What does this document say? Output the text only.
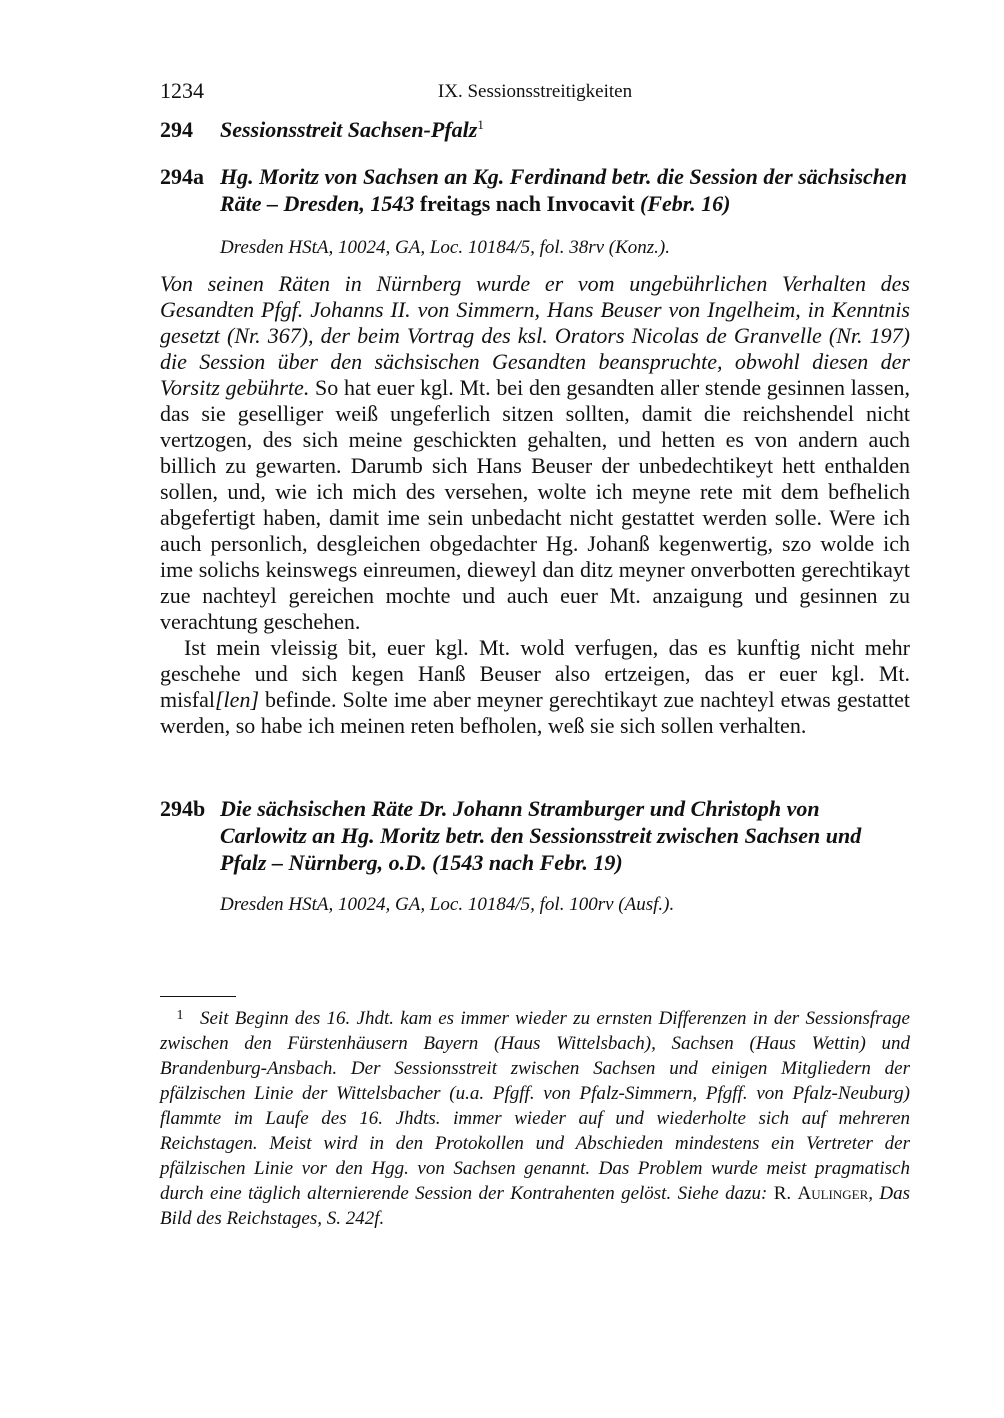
1234	IX. Sessionsstreitigkeiten
294	Sessionsstreit Sachsen-Pfalz$^1$
294a Hg. Moritz von Sachsen an Kg. Ferdinand betr. die Session der sächsischen Räte – Dresden, 1543 freitags nach Invocavit (Febr. 16)
Dresden HStA, 10024, GA, Loc. 10184/5, fol. 38rv (Konz.).

Von seinen Räten in Nürnberg wurde er vom ungebührlichen Verhalten des Gesandten Pfgf. Johanns II. von Simmern, Hans Beuser von Ingelheim, in Kenntnis gesetzt (Nr. 367), der beim Vortrag des ksl. Orators Nicolas de Granvelle (Nr. 197) die Session über den sächsischen Gesandten beanspruchte, obwohl diesen der Vorsitz gebührte. So hat euer kgl. Mt. bei den gesandten aller stende gesinnen lassen, das sie geselliger weiß ungeferlich sitzen sollten, damit die reichshendel nicht vertzogen, des sich meine geschickten gehalten, und hetten es von andern auch billich zu gewarten. Darumb sich Hans Beuser der unbedechtikeyt hett enthalden sollen, und, wie ich mich des versehen, wolte ich meyne rete mit dem befhelich abgefertigt haben, damit ime sein unbedacht nicht gestattet werden solle. Were ich auch personlich, desgleichen obgedachter Hg. Johanß kegenwertig, szo wolde ich ime solichs keinswegs einreumen, dieweyl dan ditz meyner onverbotten gerechtikayt zue nachteyl gereichen mochte und auch euer Mt. anzaigung und gesinnen zu verachtung geschehen.

Ist mein vleissig bit, euer kgl. Mt. wold verfugen, das es kunftig nicht mehr geschehe und sich kegen Hanß Beuser also ertzeigen, das er euer kgl. Mt. misfal[len] befinde. Solte ime aber meyner gerechtikayt zue nachteyl etwas gestattet werden, so habe ich meinen reten befholen, weß sie sich sollen verhalten.

294b Die sächsischen Räte Dr. Johann Stramburger und Christoph von Carlowitz an Hg. Moritz betr. den Sessionsstreit zwischen Sachsen und Pfalz – Nürnberg, o.D. (1543 nach Febr. 19)
Dresden HStA, 10024, GA, Loc. 10184/5, fol. 100rv (Ausf.).
1 Seit Beginn des 16. Jhdt. kam es immer wieder zu ernsten Differenzen in der Sessionsfrage zwischen den Fürstenhäusern Bayern (Haus Wittelsbach), Sachsen (Haus Wettin) und Brandenburg-Ansbach. Der Sessionsstreit zwischen Sachsen und einigen Mitgliedern der pfälzischen Linie der Wittelsbacher (u.a. Pfgff. von Pfalz-Simmern, Pfgff. von Pfalz-Neuburg) flammte im Laufe des 16. Jhdts. immer wieder auf und wiederholte sich auf mehreren Reichstagen. Meist wird in den Protokollen und Abschieden mindestens ein Vertreter der pfälzischen Linie vor den Hgg. von Sachsen genannt. Das Problem wurde meist pragmatisch durch eine täglich alternierende Session der Kontrahenten gelöst. Siehe dazu: R. Aulinger, Das Bild des Reichstages, S. 242f.
